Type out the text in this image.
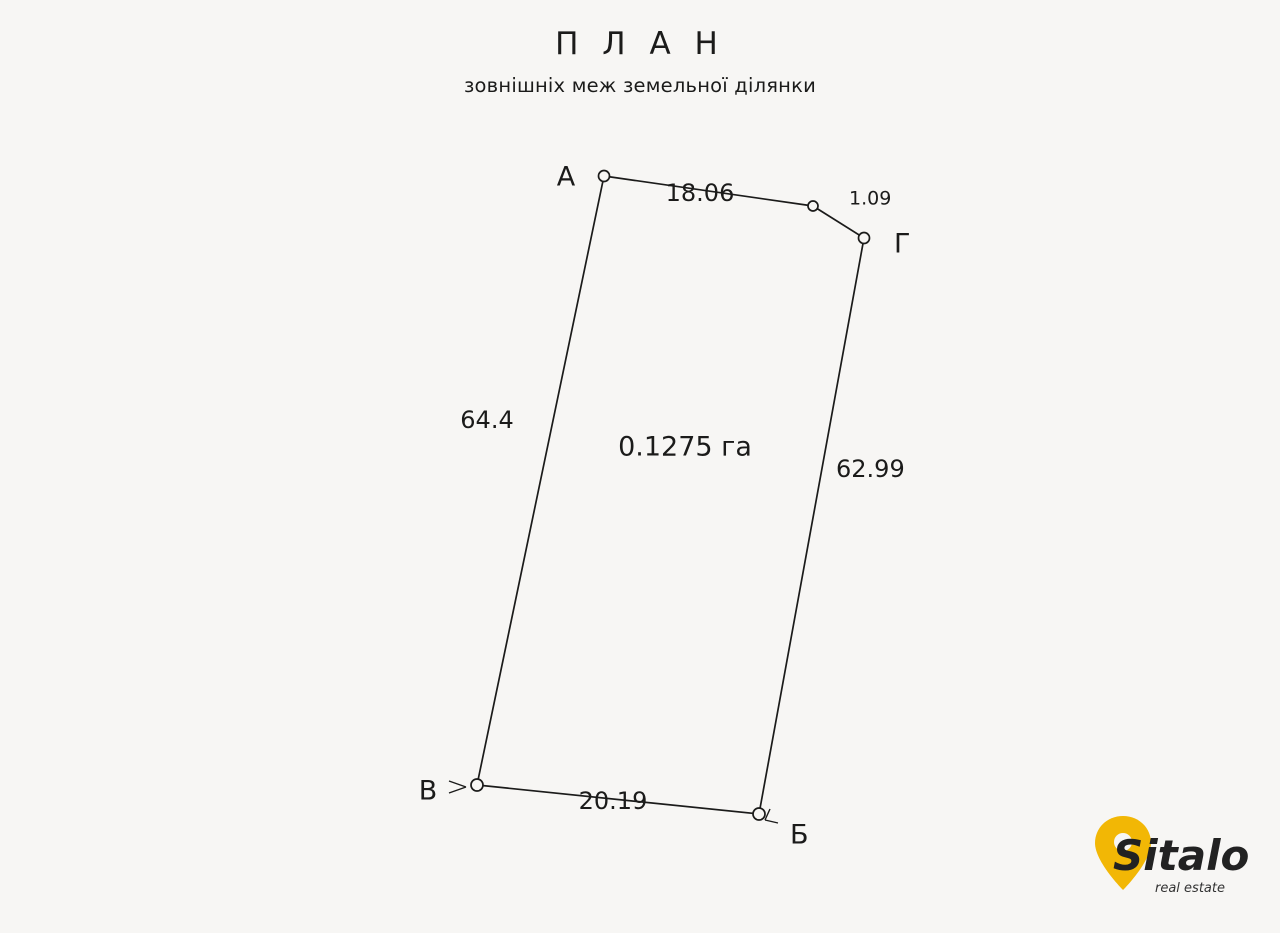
П Л А Н
зовнішніх меж земельної ділянки
А
Г
Б
В
18.06	1.09
62.99
20.19
64.4
0.1275 га
Sitalo
real estate
